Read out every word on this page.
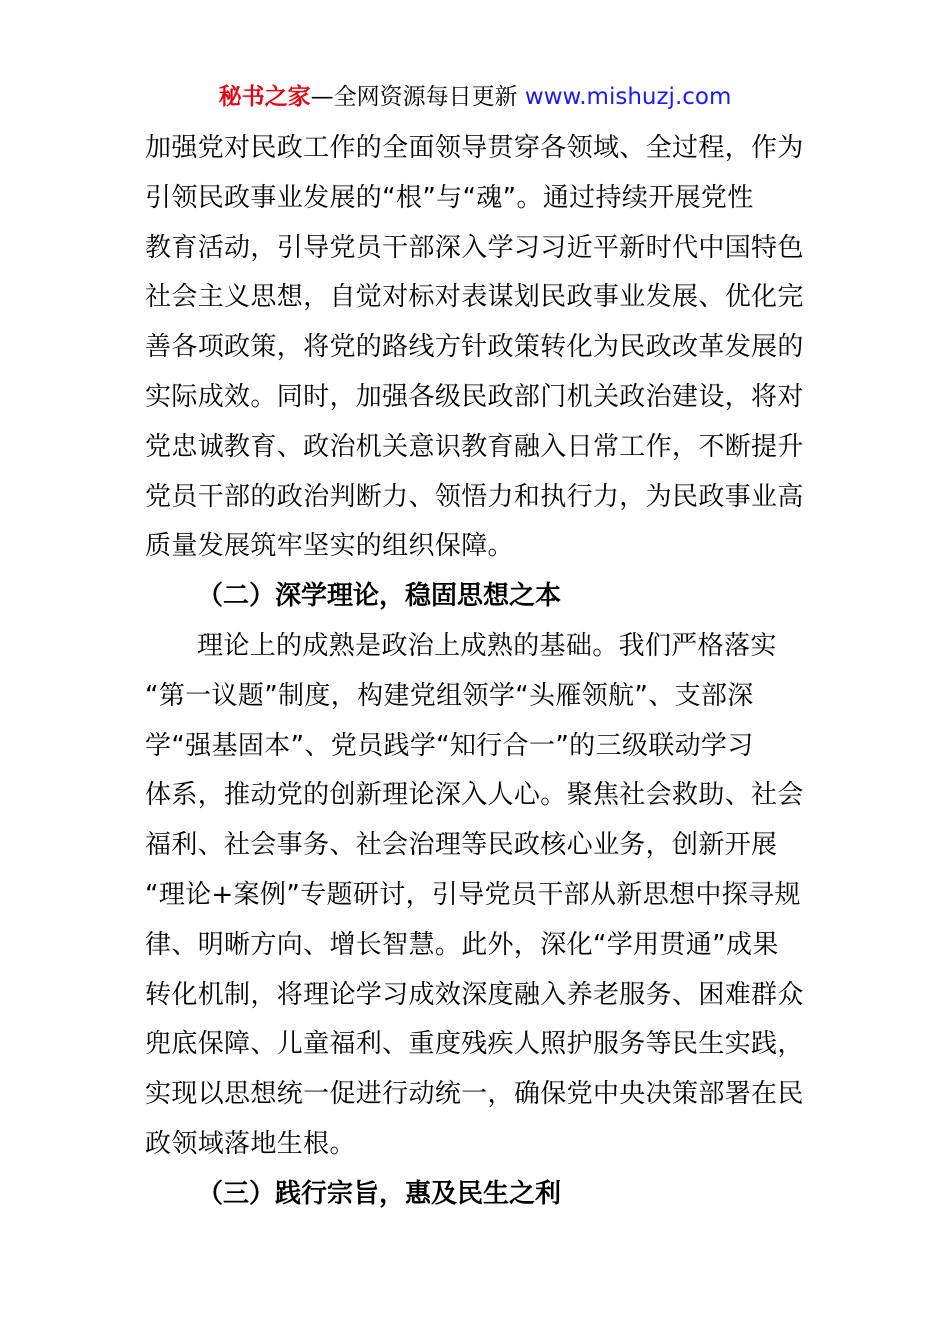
秘书之家—全网资源每日更新 www.mishuzj.com
加强党对民政工作的全面领导贯穿各领域、全过程，作为
引领民政事业发展的“根”与“魂”。通过持续开展党性
教育活动，引导党员干部深入学习习近平新时代中国特色
社会主义思想，自觉对标对表谋划民政事业发展、优化完
善各项政策，将党的路线方针政策转化为民政改革发展的
实际成效。同时，加强各级民政部门机关政治建设，将对
党忠诚教育、政治机关意识教育融入日常工作，不断提升
党员干部的政治判断力、领悟力和执行力，为民政事业高
质量发展筑牢坚实的组织保障。
（二）深学理论，稳固思想之本
理论上的成熟是政治上成熟的基础。我们严格落实
“第一议题”制度，构建党组领学“头雁领航”、支部深
学“强基固本”、党员践学“知行合一”的三级联动学习
体系，推动党的创新理论深入人心。聚焦社会救助、社会
福利、社会事务、社会治理等民政核心业务，创新开展
“理论+案例”专题研讨，引导党员干部从新思想中探寻规
律、明晰方向、增长智慧。此外，深化“学用贯通”成果
转化机制，将理论学习成效深度融入养老服务、困难群众
兜底保障、儿童福利、重度残疾人照护服务等民生实践，
实现以思想统一促进行动统一，确保党中央决策部署在民
政领域落地生根。
（三）践行宗旨，惠及民生之利
